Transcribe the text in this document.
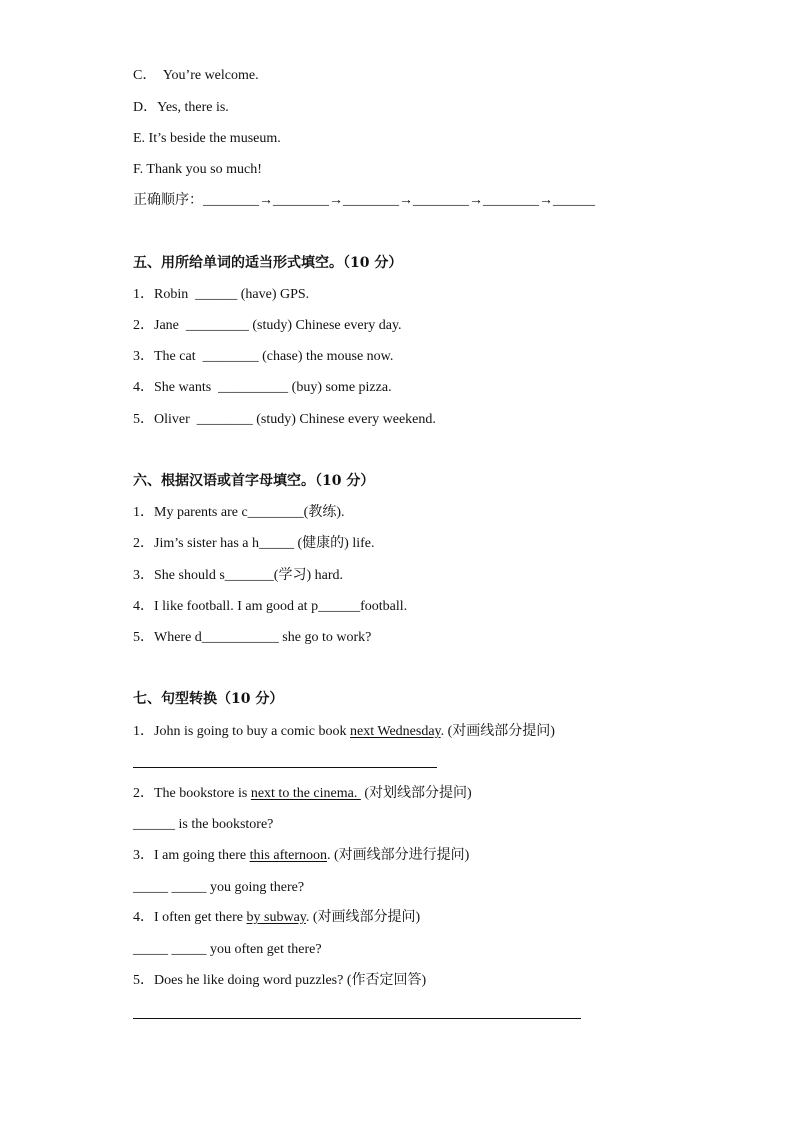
C．  You’re welcome.
D．Yes, there is.
E. It’s beside the museum.
F. Thank you so much!
正确顺序：________→________→________→________→________→______
五、用所给单词的适当形式填空。（10 分）
1．Robin  ______ (have) GPS.
2．Jane  _________ (study) Chinese every day.
3．The cat  ________ (chase) the mouse now.
4．She wants  __________ (buy) some pizza.
5．Oliver  ________ (study) Chinese every weekend.
六、根据汉语或首字母填空。（10 分）
1．My parents are c________(教练).
2．Jim’s sister has a h_____ (健康的) life.
3．She should s_______(学习) hard.
4．I like football. I am good at p______football.
5．Where d___________ she go to work?
七、句型转换（10 分）
1．John is going to buy a comic book next Wednesday. (对画线部分提问)
2．The bookstore is next to the cinema.  (对划线部分提问)
______ is the bookstore?
3．I am going there this afternoon. (对画线部分进行提问)
_____ _____ you going there?
4．I often get there by subway. (对画线部分提问)
_____ _____ you often get there?
5．Does he like doing word puzzles? (作否定回答)
